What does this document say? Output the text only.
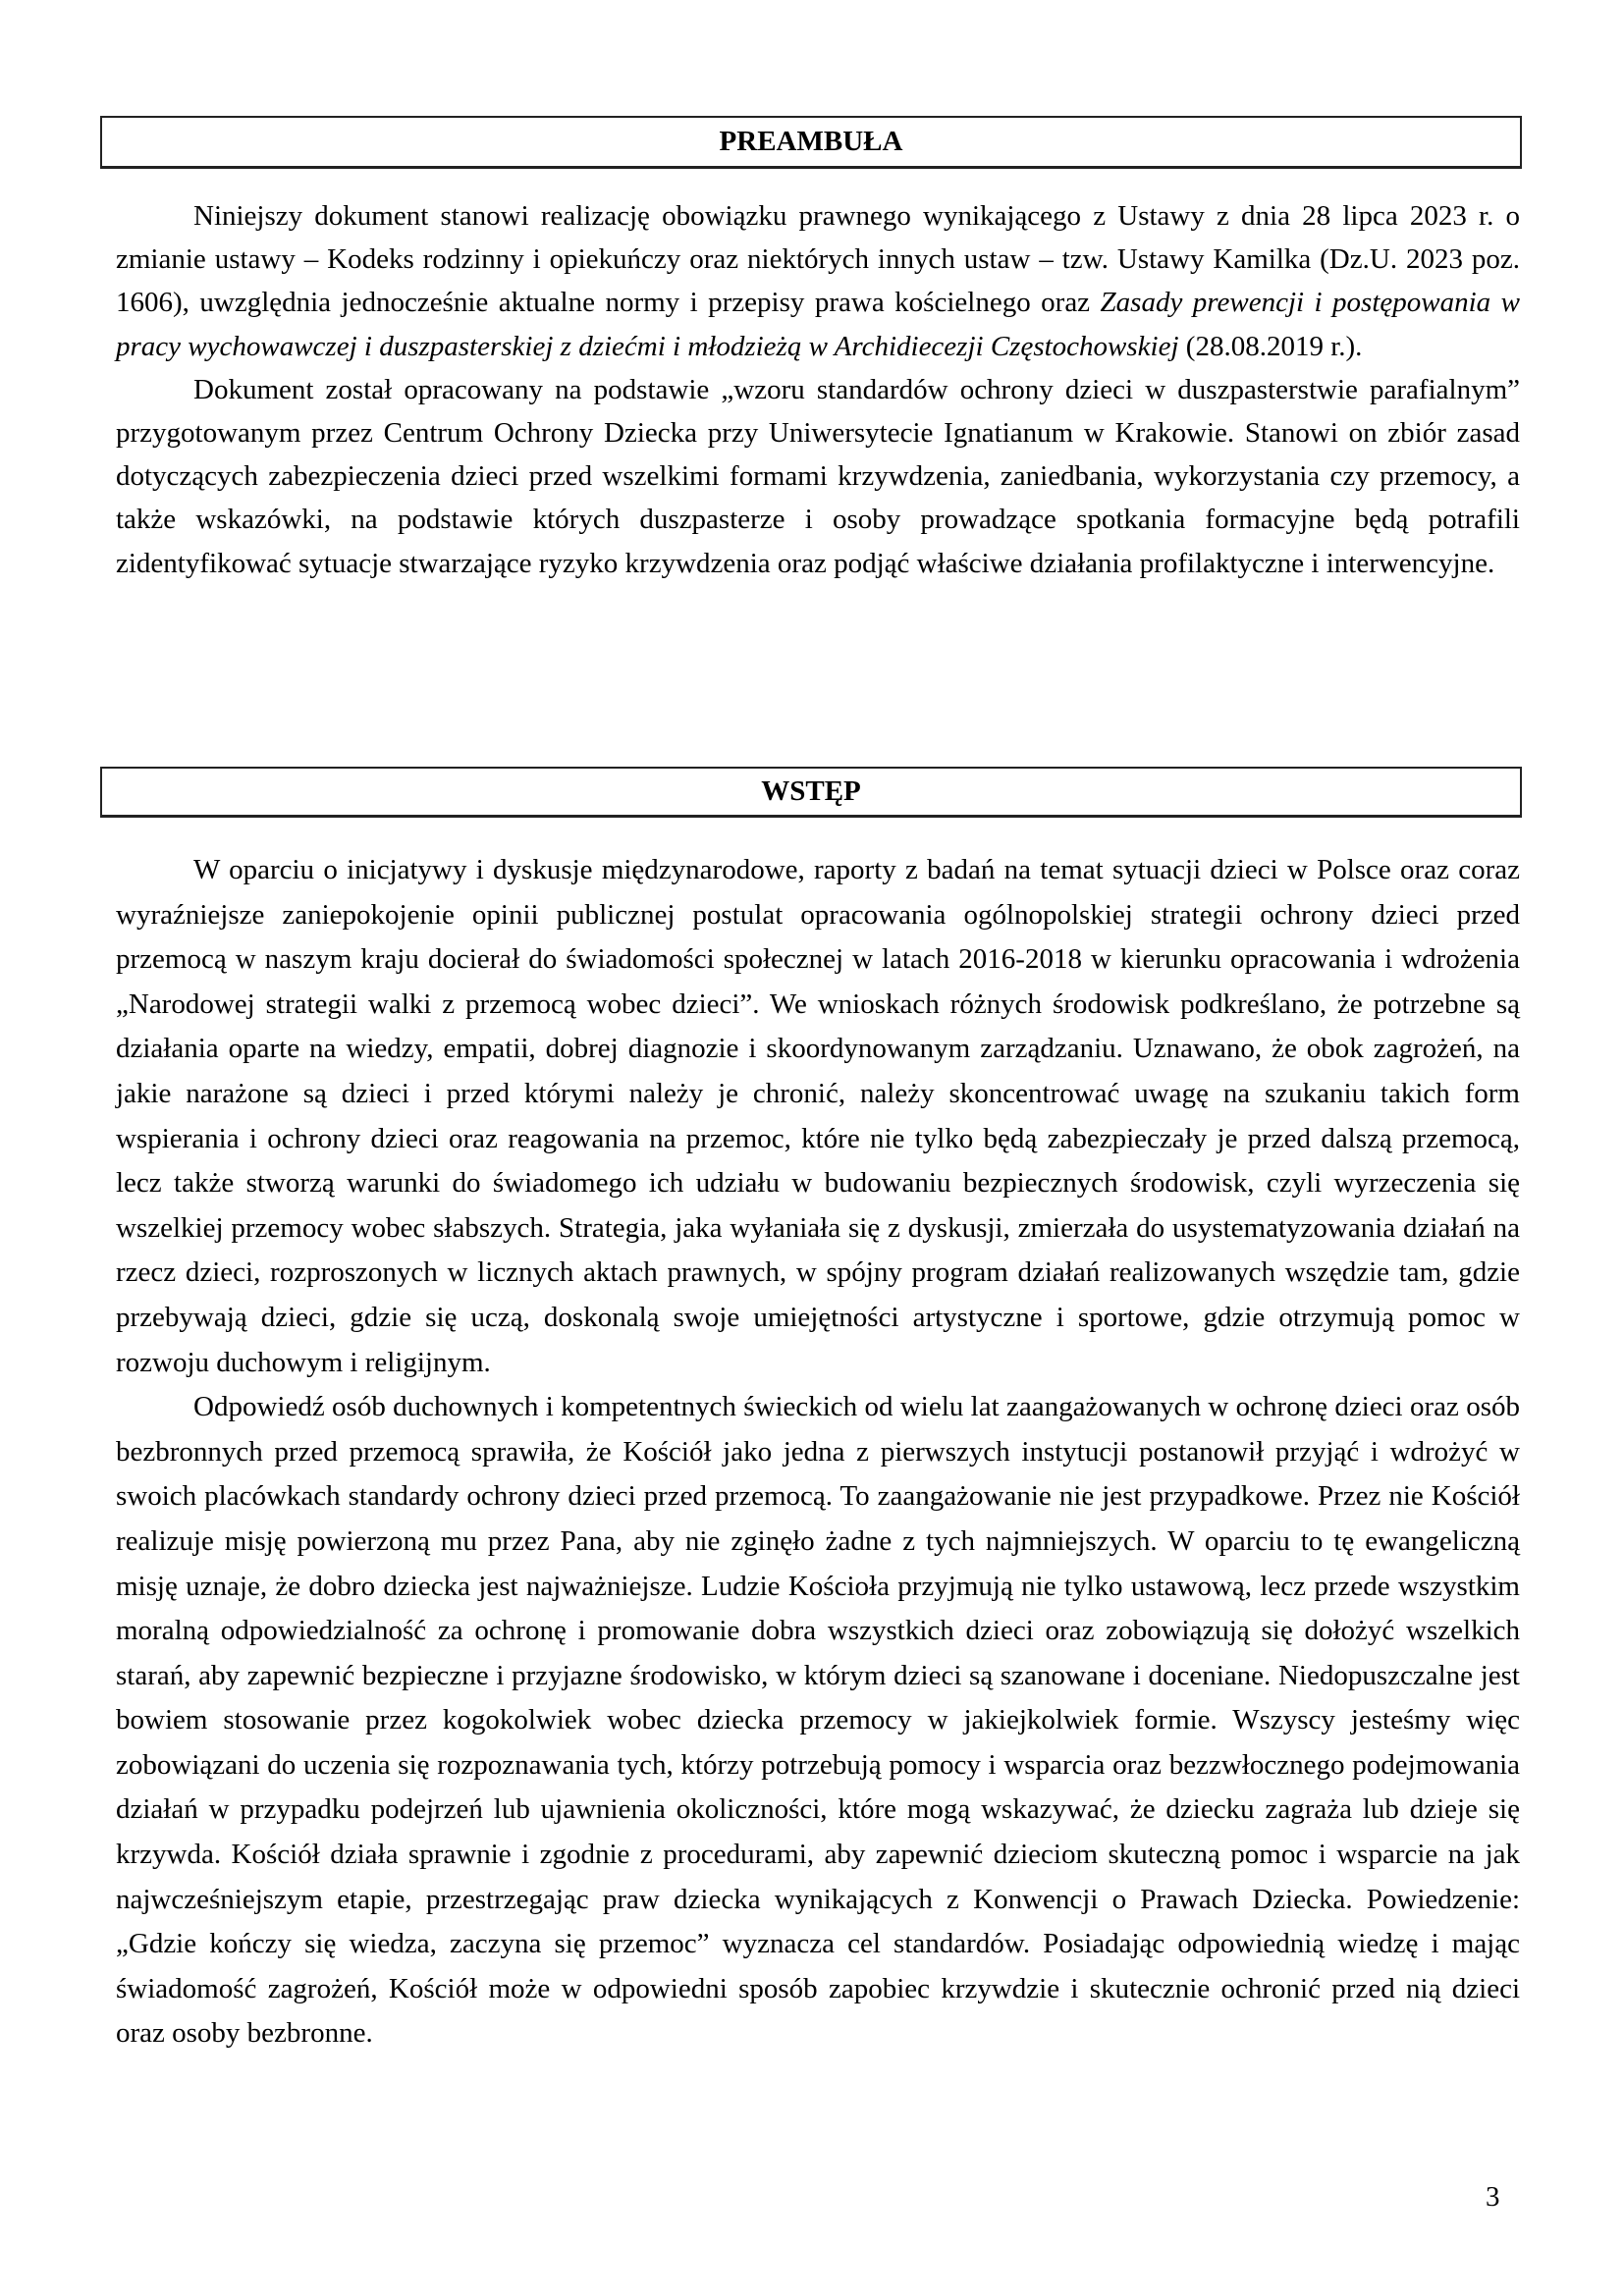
PREAMBUŁA

Niniejszy dokument stanowi realizację obowiązku prawnego wynikającego z Ustawy z dnia 28 lipca 2023 r. o zmianie ustawy – Kodeks rodzinny i opiekuńczy oraz niektórych innych ustaw – tzw. Ustawy Kamilka (Dz.U. 2023 poz. 1606), uwzględnia jednocześnie aktualne normy i przepisy prawa kościelnego oraz Zasady prewencji i postępowania w pracy wychowawczej i duszpasterskiej z dziećmi i młodzieżą w Archidiecezji Częstochowskiej (28.08.2019 r.).

Dokument został opracowany na podstawie „wzoru standardów ochrony dzieci w duszpasterstwie parafialnym” przygotowanym przez Centrum Ochrony Dziecka przy Uniwersytecie Ignatianum w Krakowie. Stanowi on zbiór zasad dotyczących zabezpieczenia dzieci przed wszelkimi formami krzywdzenia, zaniedbania, wykorzystania czy przemocy, a także wskazówki, na podstawie których duszpasterze i osoby prowadzące spotkania formacyjne będą potrafili zidentyfikować sytuacje stwarzające ryzyko krzywdzenia oraz podjąć właściwe działania profilaktyczne i interwencyjne.

WSTĘP

W oparciu o inicjatywy i dyskusje międzynarodowe, raporty z badań na temat sytuacji dzieci w Polsce oraz coraz wyraźniejsze zaniepokojenie opinii publicznej postulat opracowania ogólnopolskiej strategii ochrony dzieci przed przemocą w naszym kraju docierał do świadomości społecznej w latach 2016-2018 w kierunku opracowania i wdrożenia „Narodowej strategii walki z przemocą wobec dzieci”. We wnioskach różnych środowisk podkreślano, że potrzebne są działania oparte na wiedzy, empatii, dobrej diagnozie i skoordynowanym zarządzaniu. Uznawano, że obok zagrożeń, na jakie narażone są dzieci i przed którymi należy je chronić, należy skoncentrować uwagę na szukaniu takich form wspierania i ochrony dzieci oraz reagowania na przemoc, które nie tylko będą zabezpieczały je przed dalszą przemocą, lecz także stworzą warunki do świadomego ich udziału w budowaniu bezpiecznych środowisk, czyli wyrzeczenia się wszelkiej przemocy wobec słabszych. Strategia, jaka wyłaniała się z dyskusji, zmierzała do usystematyzowania działań na rzecz dzieci, rozproszonych w licznych aktach prawnych, w spójny program działań realizowanych wszędzie tam, gdzie przebywają dzieci, gdzie się uczą, doskonalą swoje umiejętności artystyczne i sportowe, gdzie otrzymują pomoc w rozwoju duchowym i religijnym.

Odpowiedź osób duchownych i kompetentnych świeckich od wielu lat zaangażowanych w ochronę dzieci oraz osób bezbronnych przed przemocą sprawiła, że Kościół jako jedna z pierwszych instytucji postanowił przyjąć i wdrożyć w swoich placówkach standardy ochrony dzieci przed przemocą. To zaangażowanie nie jest przypadkowe. Przez nie Kościół realizuje misję powierzoną mu przez Pana, aby nie zginęło żadne z tych najmniejszych. W oparciu to tę ewangeliczną misję uznaje, że dobro dziecka jest najważniejsze. Ludzie Kościoła przyjmują nie tylko ustawową, lecz przede wszystkim moralną odpowiedzialność za ochronę i promowanie dobra wszystkich dzieci oraz zobowiązują się dołożyć wszelkich starań, aby zapewnić bezpieczne i przyjazne środowisko, w którym dzieci są szanowane i doceniane. Niedopuszczalne jest bowiem stosowanie przez kogokolwiek wobec dziecka przemocy w jakiejkolwiek formie. Wszyscy jesteśmy więc zobowiązani do uczenia się rozpoznawania tych, którzy potrzebują pomocy i wsparcia oraz bezzwłocznego podejmowania działań w przypadku podejrzeń lub ujawnienia okoliczności, które mogą wskazywać, że dziecku zagraża lub dzieje się krzywda. Kościół działa sprawnie i zgodnie z procedurami, aby zapewnić dzieciom skuteczną pomoc i wsparcie na jak najwcześniejszym etapie, przestrzegając praw dziecka wynikających z Konwencji o Prawach Dziecka. Powiedzenie: „Gdzie kończy się wiedza, zaczyna się przemoc” wyznacza cel standardów. Posiadając odpowiednią wiedzę i mając świadomość zagrożeń, Kościół może w odpowiedni sposób zapobiec krzywdzie i skutecznie ochronić przed nią dzieci oraz osoby bezbronne.

3
